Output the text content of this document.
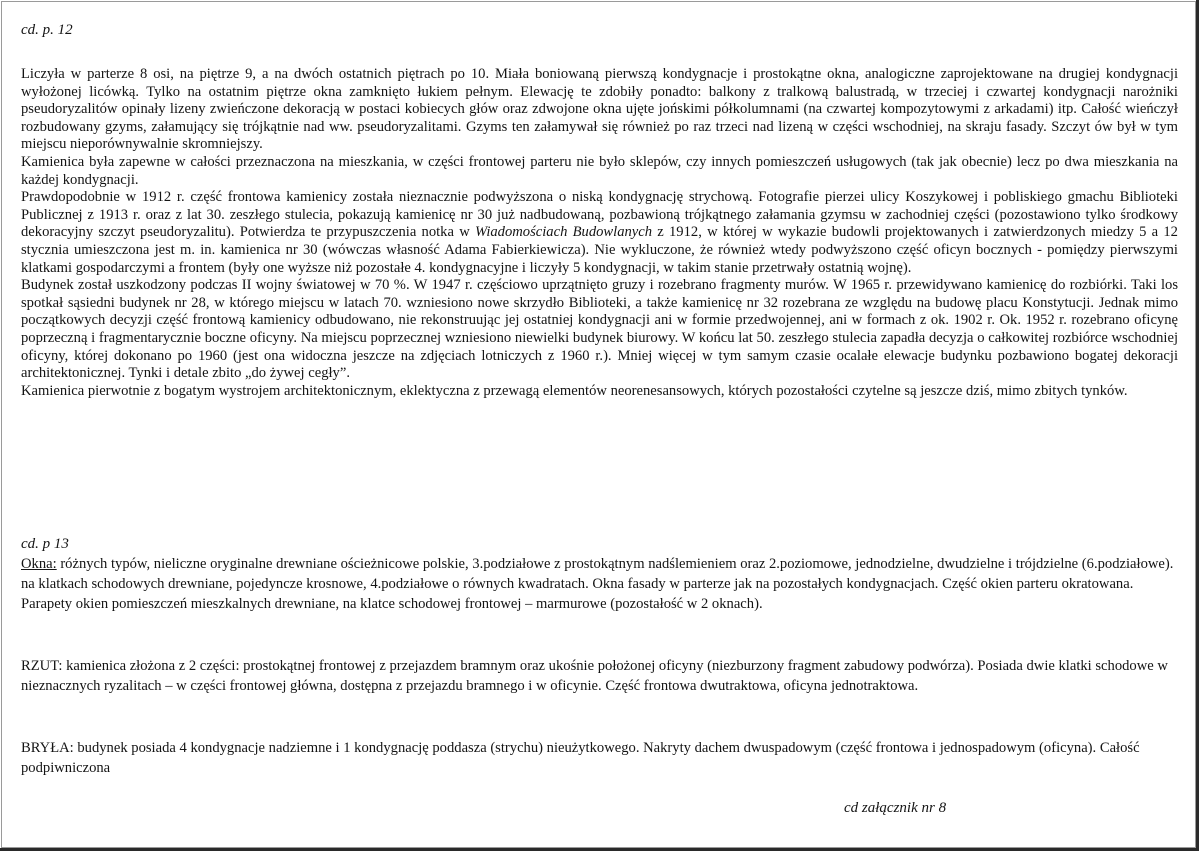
cd. p. 12

Liczyła w parterze 8 osi, na piętrze 9, a na dwóch ostatnich piętrach po 10. Miała boniowaną pierwszą kondygnacje i prostokątne okna, analogiczne zaprojektowane na drugiej kondygnacji wyłożonej licówką. Tylko na ostatnim piętrze okna zamknięto łukiem pełnym. Elewację te zdobiły ponadto: balkony z tralkową balustradą, w trzeciej i czwartej kondygnacji narożniki pseudoryzalitów opinały lizeny zwieńczone dekoracją w postaci kobiecych głów oraz zdwojone okna ujęte jońskimi półkolumnami (na czwartej kompozytowymi z arkadami) itp. Całość wieńczył rozbudowany gzyms, załamujący się trójkątnie nad ww. pseudoryzalitami. Gzyms ten załamywał się również po raz trzeci nad lizeną w części wschodniej, na skraju fasady. Szczyt ów był w tym miejscu nieporównywalnie skromniejszy.

Kamienica była zapewne w całości przeznaczona na mieszkania, w części frontowej parteru nie było sklepów, czy innych pomieszczeń usługowych (tak jak obecnie) lecz po dwa mieszkania na każdej kondygnacji.

Prawdopodobnie w 1912 r. część frontowa kamienicy została nieznacznie podwyższona o niską kondygnację strychową. Fotografie pierzei ulicy Koszykowej i pobliskiego gmachu Biblioteki Publicznej z 1913 r. oraz z lat 30. zeszłego stulecia, pokazują kamienicę nr 30 już nadbudowaną, pozbawioną trójkątnego załamania gzymsu w zachodniej części (pozostawiono tylko środkowy dekoracyjny szczyt pseudoryzalitu). Potwierdza te przypuszczenia notka w Wiadomościach Budowlanych z 1912, w której w wykazie budowli projektowanych i zatwierdzonych miedzy 5 a 12 stycznia umieszczona jest m. in. kamienica nr 30 (wówczas własność Adama Fabierkiewicza). Nie wykluczone, że również wtedy podwyższono część oficyn bocznych - pomiędzy pierwszymi klatkami gospodarczymi a frontem (były one wyższe niż pozostałe 4. kondygnacyjne i liczyły 5 kondygnacji, w takim stanie przetrwały ostatnią wojnę).

Budynek został uszkodzony podczas II wojny światowej w 70 %. W 1947 r. częściowo uprzątnięto gruzy i rozebrano fragmenty murów. W 1965 r. przewidywano kamienicę do rozbiórki. Taki los spotkał sąsiedni budynek nr 28, w którego miejscu w latach 70. wzniesiono nowe skrzydło Biblioteki, a także kamienicę nr 32 rozebrana ze względu na budowę placu Konstytucji. Jednak mimo początkowych decyzji część frontową kamienicy odbudowano, nie rekonstruując jej ostatniej kondygnacji ani w formie przedwojennej, ani w formach z ok. 1902 r. Ok. 1952 r. rozebrano oficynę poprzeczną i fragmentarycznie boczne oficyny. Na miejscu poprzecznej wzniesiono niewielki budynek biurowy. W końcu lat 50. zeszłego stulecia zapadła decyzja o całkowitej rozbiórce wschodniej oficyny, której dokonano po 1960 (jest ona widoczna jeszcze na zdjęciach lotniczych z 1960 r.). Mniej więcej w tym samym czasie ocalałe elewacje budynku pozbawiono bogatej dekoracji architektonicznej. Tynki i detale zbito „do żywej cegły”.

Kamienica pierwotnie z bogatym wystrojem architektonicznym, eklektyczna z przewagą elementów neorenesansowych, których pozostałości czytelne są jeszcze dziś, mimo zbitych tynków.

cd. p 13

Okna: różnych typów, nieliczne oryginalne drewniane ościeżnicowe polskie, 3.podziałowe z prostokątnym nadślemieniem oraz 2.poziomowe, jednodzielne, dwudzielne i trójdzielne (6.podziałowe). na klatkach schodowych drewniane, pojedyncze krosnowe, 4.podziałowe o równych kwadratach. Okna fasady w parterze jak na pozostałych kondygnacjach. Część okien parteru okratowana. Parapety okien pomieszczeń mieszkalnych drewniane, na klatce schodowej frontowej – marmurowe (pozostałość w 2 oknach).

RZUT: kamienica złożona z 2 części: prostokątnej frontowej z przejazdem bramnym oraz ukośnie położonej oficyny (niezburzony fragment zabudowy podwórza). Posiada dwie klatki schodowe w nieznacznych ryzalitach – w części frontowej główna, dostępna z przejazdu bramnego i w oficynie. Część frontowa dwutraktowa, oficyna jednotraktowa.

BRYŁA: budynek posiada 4 kondygnacje nadziemne i 1 kondygnację poddasza (strychu) nieużytkowego. Nakryty dachem dwuspadowym (część frontowa i jednospadowym (oficyna). Całość podpiwniczona

cd załącznik nr 8
